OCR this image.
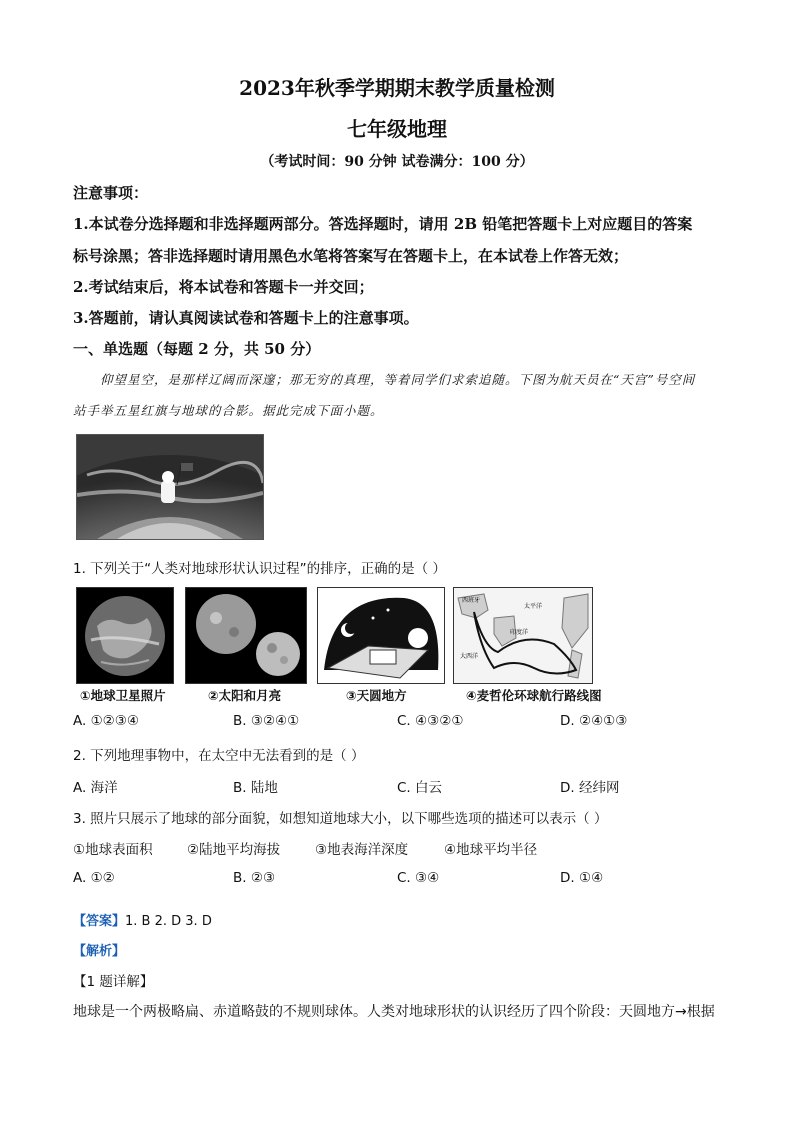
2023年秋季学期期末教学质量检测
七年级地理
（考试时间：90 分钟 试卷满分：100 分）
注意事项：
1.本试卷分选择题和非选择题两部分。答选择题时，请用 2B 铅笔把答题卡上对应题目的答案
标号涂黑；答非选择题时请用黑色水笔将答案写在答题卡上，在本试卷上作答无效；
2.考试结束后，将本试卷和答题卡一并交回；
3.答题前，请认真阅读试卷和答题卡上的注意事项。
一、单选题（每题 2 分，共 50 分）
仰望星空，是那样辽阔而深邃；那无穷的真理，等着同学们求索追随。下图为航天员在“天宫”号空间
站手举五星红旗与地球的合影。据此完成下面小题。
1. 下列关于“人类对地球形状认识过程”的排序，正确的是（ ）
西班牙
太平洋
印度洋
大西洋
①地球卫星照片	②太阳和月亮	③天圆地方	④麦哲伦环球航行路线图
A. ①②③④	B. ③②④①	C. ④③②①	D. ②④①③
2. 下列地理事物中，在太空中无法看到的是（ ）
A. 海洋	B. 陆地	C. 白云	D. 经纬网
3. 照片只展示了地球的部分面貌，如想知道地球大小，以下哪些选项的描述可以表示（ ）
①地球表面积	②陆地平均海拔	③地表海洋深度	④地球平均半径
A. ①②	B. ②③	C. ③④	D. ①④
【答案】1. B 2. D 3. D
【解析】
【1 题详解】
地球是一个两极略扁、赤道略鼓的不规则球体。人类对地球形状的认识经历了四个阶段：天圆地方→根据
